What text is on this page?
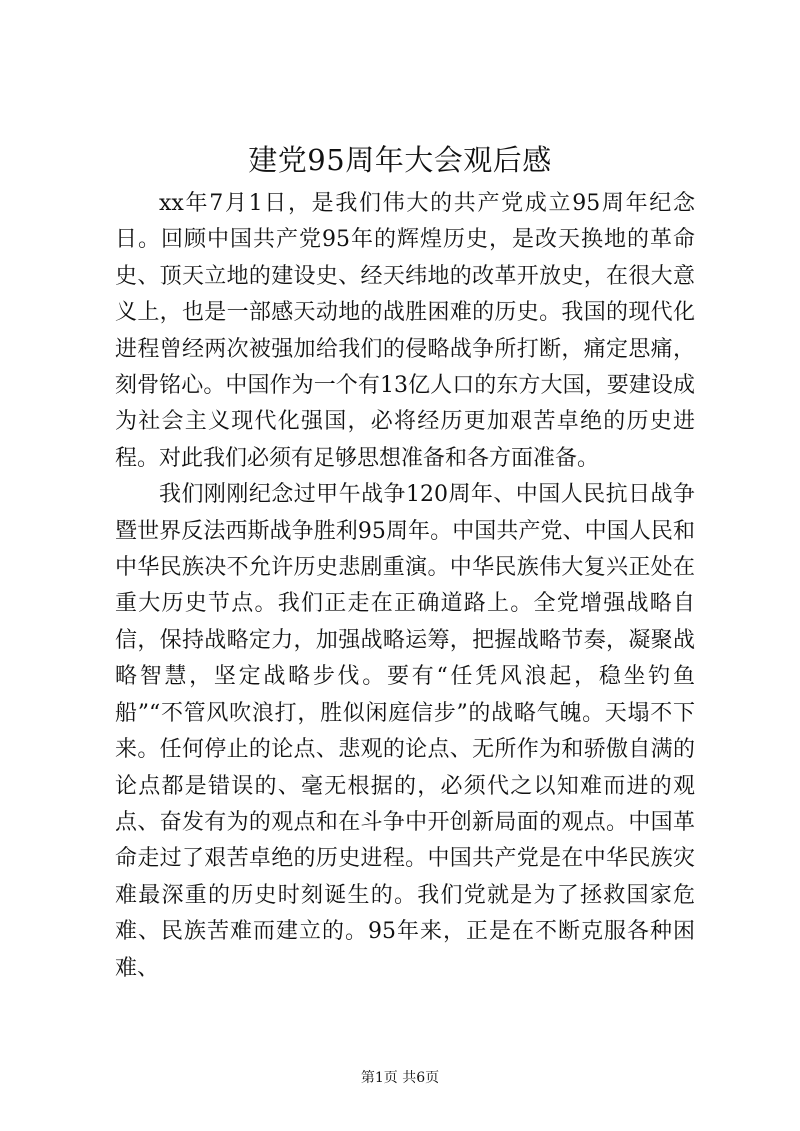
建党95周年大会观后感

xx年7月1日，是我们伟大的共产党成立95周年纪念日。回顾中国共产党95年的辉煌历史，是改天换地的革命史、顶天立地的建设史、经天纬地的改革开放史，在很大意义上，也是一部感天动地的战胜困难的历史。我国的现代化进程曾经两次被强加给我们的侵略战争所打断，痛定思痛，刻骨铭心。中国作为一个有13亿人口的东方大国，要建设成为社会主义现代化强国，必将经历更加艰苦卓绝的历史进程。对此我们必须有足够思想准备和各方面准备。

我们刚刚纪念过甲午战争120周年、中国人民抗日战争暨世界反法西斯战争胜利95周年。中国共产党、中国人民和中华民族决不允许历史悲剧重演。中华民族伟大复兴正处在重大历史节点。我们正走在正确道路上。全党增强战略自信，保持战略定力，加强战略运筹，把握战略节奏，凝聚战略智慧，坚定战略步伐。要有“任凭风浪起，稳坐钓鱼船”“不管风吹浪打，胜似闲庭信步”的战略气魄。天塌不下来。任何停止的论点、悲观的论点、无所作为和骄傲自满的论点都是错误的、毫无根据的，必须代之以知难而进的观点、奋发有为的观点和在斗争中开创新局面的观点。中国革命走过了艰苦卓绝的历史进程。中国共产党是在中华民族灾难最深重的历史时刻诞生的。我们党就是为了拯救国家危难、民族苦难而建立的。95年来，正是在不断克服各种困难、

第1页 共6页
